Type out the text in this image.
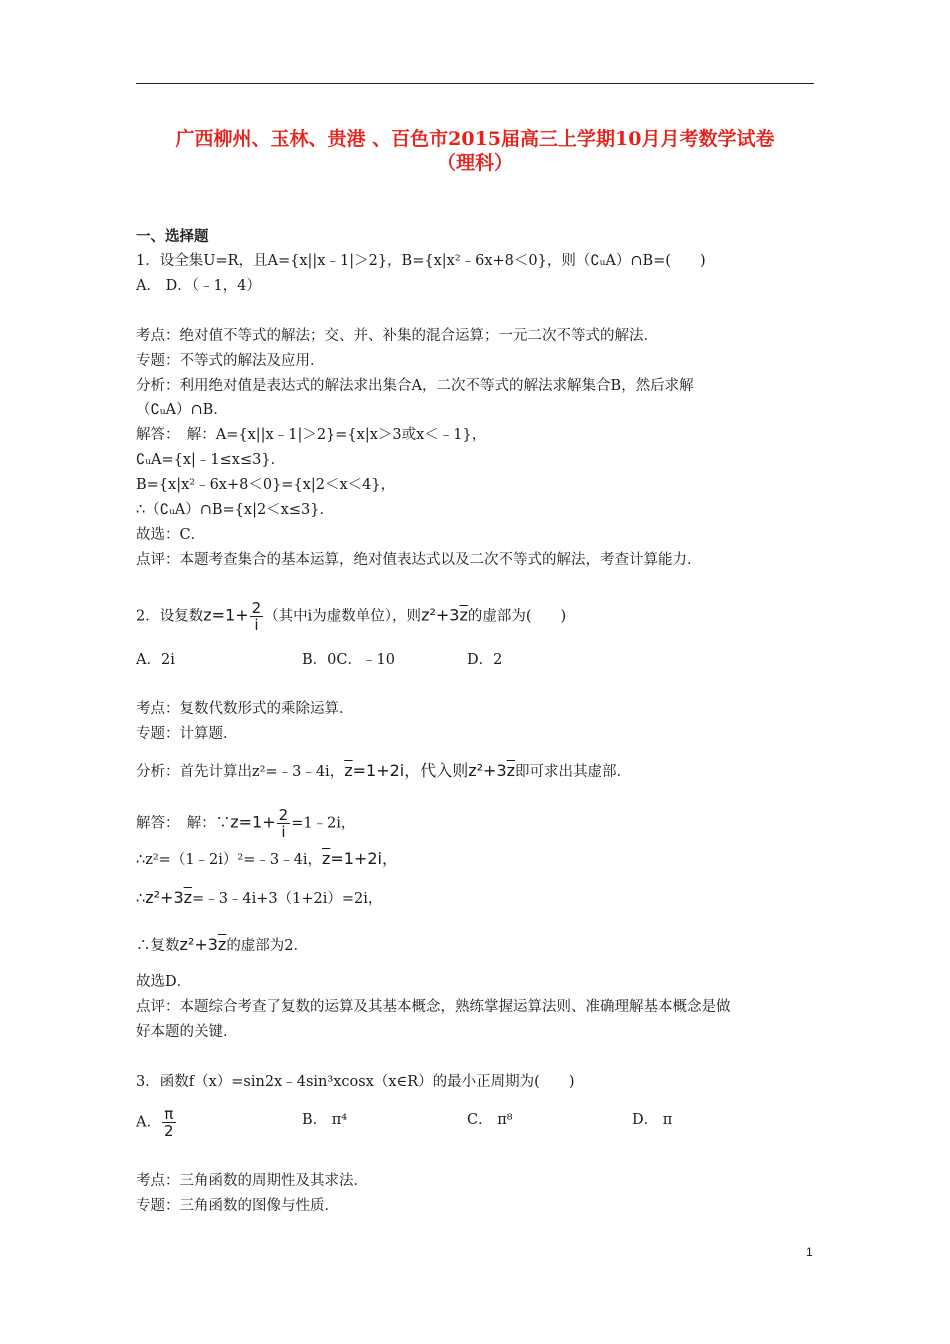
广西柳州、玉林、贵港 、百色市2015届高三上学期10月月考数学试卷
（理科）
一、选择题
1．设全集U=R，且A={x||x﹣1|＞2}，B={x|x²﹣6x+8＜0}，则（∁ᵤA）∩B=(　　)
A． D．（﹣1，4）
考点：绝对值不等式的解法；交、并、补集的混合运算；一元二次不等式的解法．
专题：不等式的解法及应用．
分析：利用绝对值是表达式的解法求出集合A，二次不等式的解法求解集合B，然后求解
（∁ᵤA）∩B．
解答：　解：A={x||x﹣1|＞2}={x|x＞3或x＜﹣1}，
∁ᵤA={x|﹣1≤x≤3}．
B={x|x²﹣6x+8＜0}={x|2＜x＜4}，
∴（∁ᵤA）∩B={x|2＜x≤3}．
故选：C．
点评：本题考查集合的基本运算，绝对值表达式以及二次不等式的解法，考查计算能力．
2．设复数$z=1+ \frac{2}{i}$ （其中i为虚数单位），则$z^2+3\overline{z}$的虚部为(　　)
A．2i	B．0C．﹣10	D．2
考点：复数代数形式的乘除运算．
专题：计算题．
分析：首先计算出z²=﹣3﹣4i，$\overline{z}=1+2i$，代入则$z^2+3\overline{z}$即可求出其虚部．
解答：　解：∵z=1+ $\frac{2}{i}$ =1﹣2i，
∴z²=（1﹣2i）²=﹣3﹣4i，$\overline{z}=1+2i$，
$\therefore z^2+3\overline{z}=﹣3﹣4i+3(1+2i)=2i$，
∴复数$z^2+3\overline{z}$的虚部为2．
故选D．
点评：本题综合考查了复数的运算及其基本概念，熟练掌握运算法则、准确理解基本概念是做
好本题的关键．
3．函数f（x）=sin2x﹣4sin³xcosx（x∈R）的最小正周期为(　　)
A． $\frac{\pi}{2}$	B． π⁴	C． π⁸	D． π
考点：三角函数的周期性及其求法．
专题：三角函数的图像与性质．
1
